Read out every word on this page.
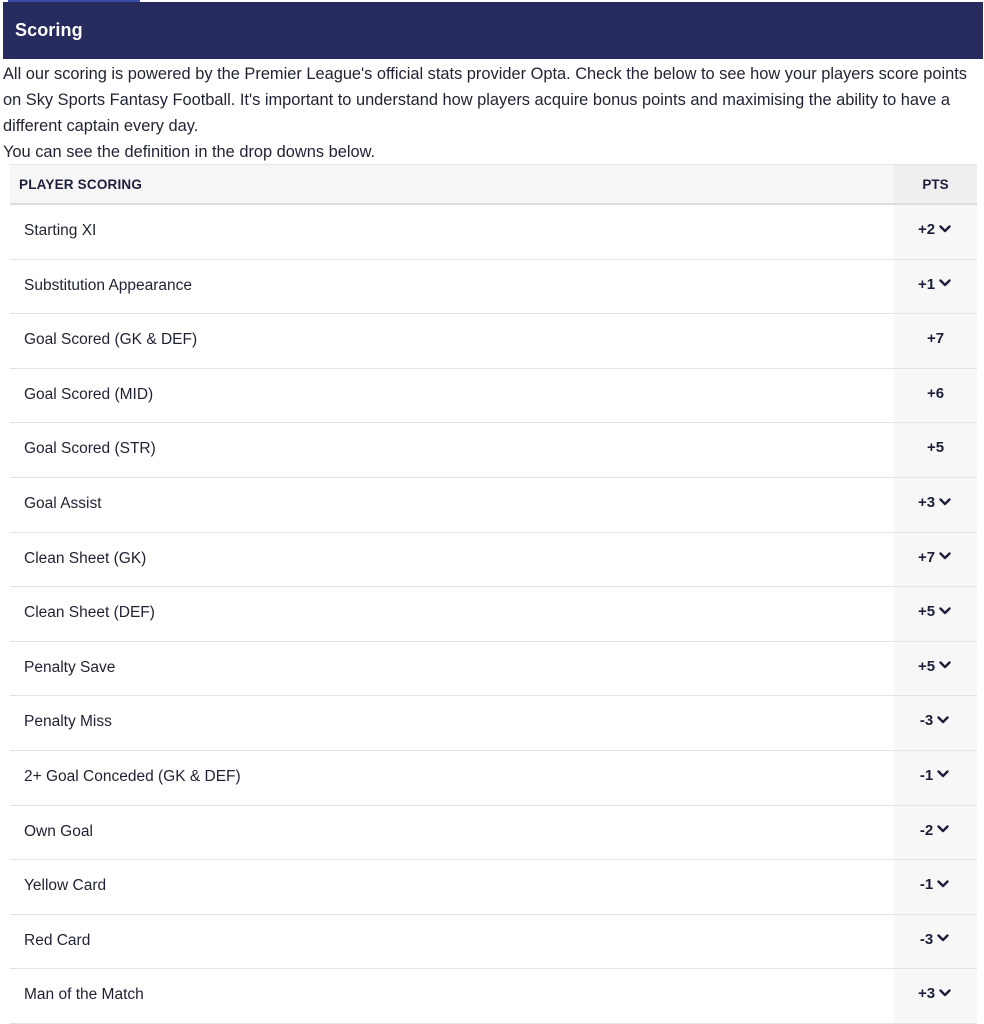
Scoring

All our scoring is powered by the Premier League's official stats provider Opta. Check the below to see how your players score points on Sky Sports Fantasy Football. It's important to understand how players acquire bonus points and maximising the ability to have a different captain every day.

You can see the definition in the drop downs below.

PLAYER SCORING	PTS
Starting XI	+2
Substitution Appearance	+1
Goal Scored (GK & DEF)	+7
Goal Scored (MID)	+6
Goal Scored (STR)	+5
Goal Assist	+3
Clean Sheet (GK)	+7
Clean Sheet (DEF)	+5
Penalty Save	+5
Penalty Miss	-3
2+ Goal Conceded (GK & DEF)	-1
Own Goal	-2
Yellow Card	-1
Red Card	-3
Man of the Match	+3
